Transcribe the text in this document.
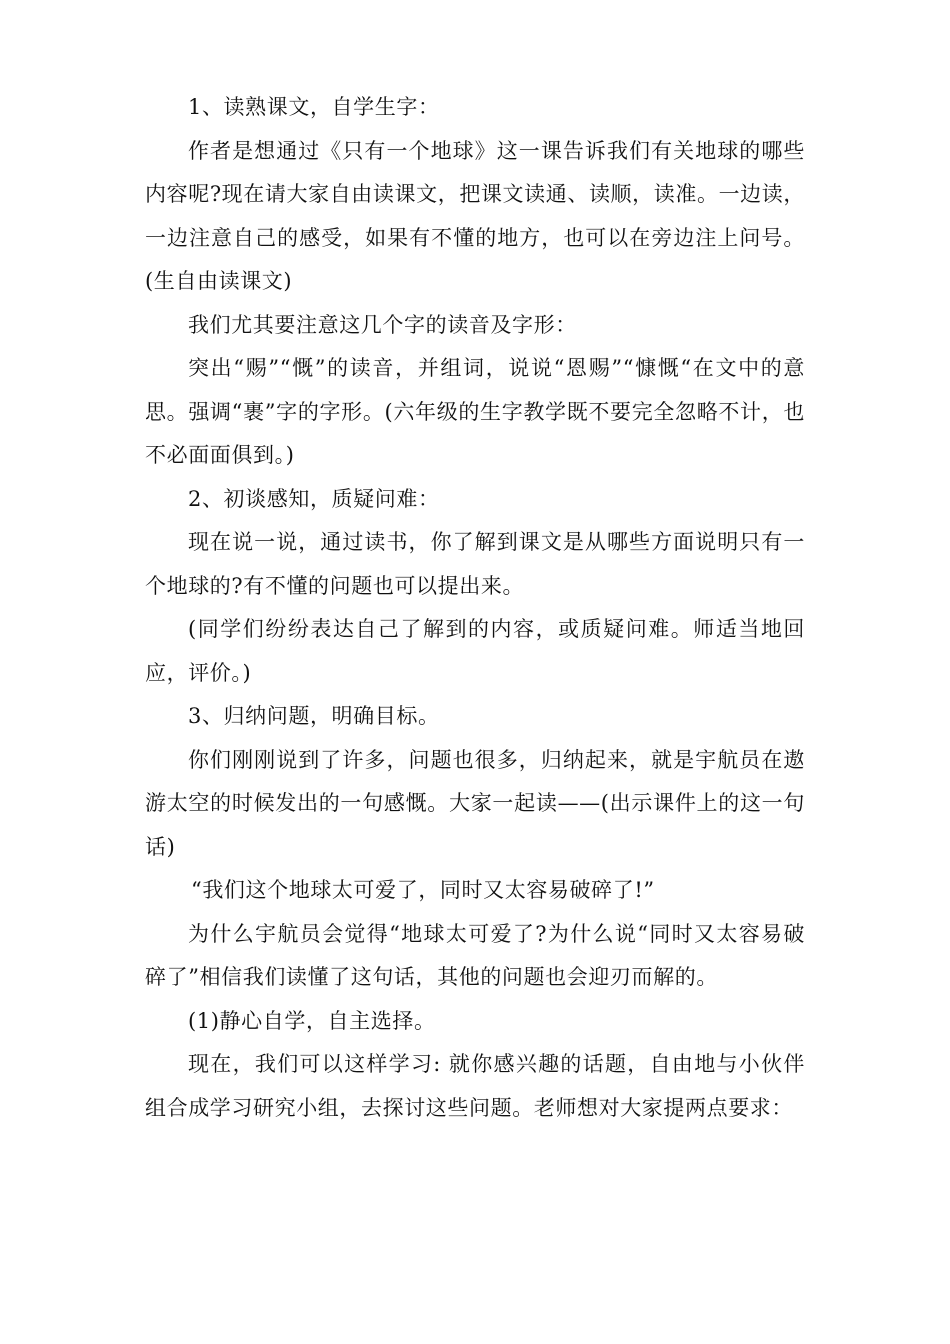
1、读熟课文，自学生字：

作者是想通过《只有一个地球》这一课告诉我们有关地球的哪些内容呢?现在请大家自由读课文，把课文读通、读顺，读准。一边读，一边注意自己的感受，如果有不懂的地方，也可以在旁边注上问号。(生自由读课文)

我们尤其要注意这几个字的读音及字形：

突出“赐”“慨”的读音，并组词，说说“恩赐”“慷慨“在文中的意思。强调“裹”字的字形。(六年级的生字教学既不要完全忽略不计，也不必面面俱到。)

2、初谈感知，质疑问难：

现在说一说，通过读书，你了解到课文是从哪些方面说明只有一个地球的?有不懂的问题也可以提出来。

(同学们纷纷表达自己了解到的内容，或质疑问难。师适当地回应，评价。)

3、归纳问题，明确目标。

你们刚刚说到了许多，问题也很多，归纳起来，就是宇航员在遨游太空的时候发出的一句感慨。大家一起读——(出示课件上的这一句话)

“我们这个地球太可爱了，同时又太容易破碎了!”

为什么宇航员会觉得“地球太可爱了?为什么说“同时又太容易破碎了”相信我们读懂了这句话，其他的问题也会迎刃而解的。

(1)静心自学，自主选择。

现在，我们可以这样学习: 就你感兴趣的话题，自由地与小伙伴组合成学习研究小组，去探讨这些问题。老师想对大家提两点要求：
